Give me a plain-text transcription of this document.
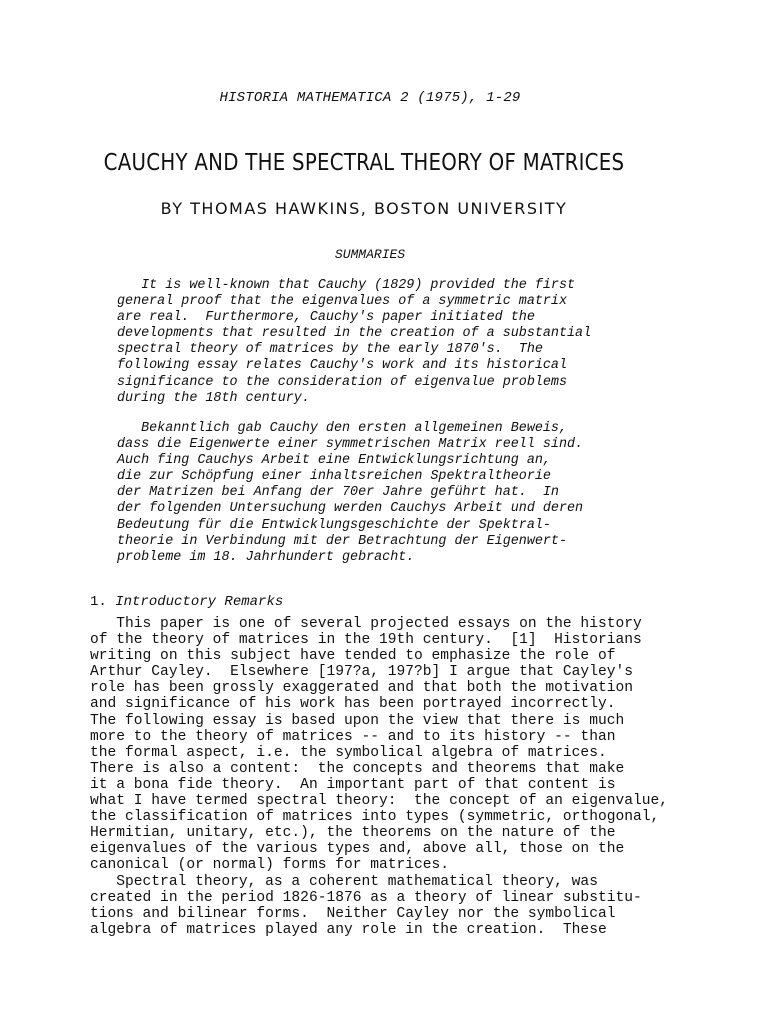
HISTORIA MATHEMATICA 2 (1975), 1-29
CAUCHY AND THE SPECTRAL THEORY OF MATRICES
BY THOMAS HAWKINS, BOSTON UNIVERSITY
SUMMARIES
It is well-known that Cauchy (1829) provided the first
general proof that the eigenvalues of a symmetric matrix
are real.  Furthermore, Cauchy's paper initiated the
developments that resulted in the creation of a substantial
spectral theory of matrices by the early 1870's.  The
following essay relates Cauchy's work and its historical
significance to the consideration of eigenvalue problems
during the 18th century.
Bekanntlich gab Cauchy den ersten allgemeinen Beweis,
dass die Eigenwerte einer symmetrischen Matrix reell sind.
Auch fing Cauchys Arbeit eine Entwicklungsrichtung an,
die zur Schöpfung einer inhaltsreichen Spektraltheorie
der Matrizen bei Anfang der 70er Jahre geführt hat.  In
der folgenden Untersuchung werden Cauchys Arbeit und deren
Bedeutung für die Entwicklungsgeschichte der Spektral-
theorie in Verbindung mit der Betrachtung der Eigenwert-
probleme im 18. Jahrhundert gebracht.
1. Introductory Remarks
This paper is one of several projected essays on the history
of the theory of matrices in the 19th century.  [1]  Historians
writing on this subject have tended to emphasize the role of
Arthur Cayley.  Elsewhere [197?a, 197?b] I argue that Cayley's
role has been grossly exaggerated and that both the motivation
and significance of his work has been portrayed incorrectly.
The following essay is based upon the view that there is much
more to the theory of matrices -- and to its history -- than
the formal aspect, i.e. the symbolical algebra of matrices.
There is also a content:  the concepts and theorems that make
it a bona fide theory.  An important part of that content is
what I have termed spectral theory:  the concept of an eigenvalue,
the classification of matrices into types (symmetric, orthogonal,
Hermitian, unitary, etc.), the theorems on the nature of the
eigenvalues of the various types and, above all, those on the
canonical (or normal) forms for matrices.
Spectral theory, as a coherent mathematical theory, was
created in the period 1826-1876 as a theory of linear substitu-
tions and bilinear forms.  Neither Cayley nor the symbolical
algebra of matrices played any role in the creation.  These
